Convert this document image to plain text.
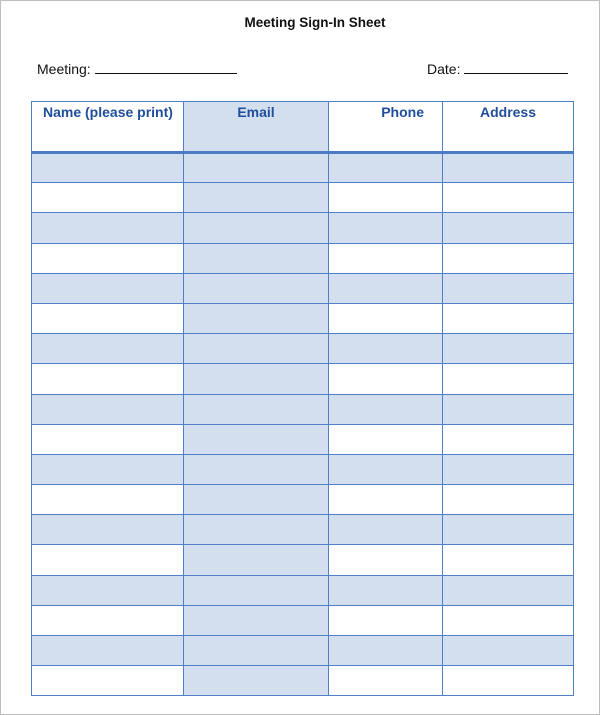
Meeting Sign-In Sheet
Meeting:	Date:
Name (please print)	Email	Phone	Address
